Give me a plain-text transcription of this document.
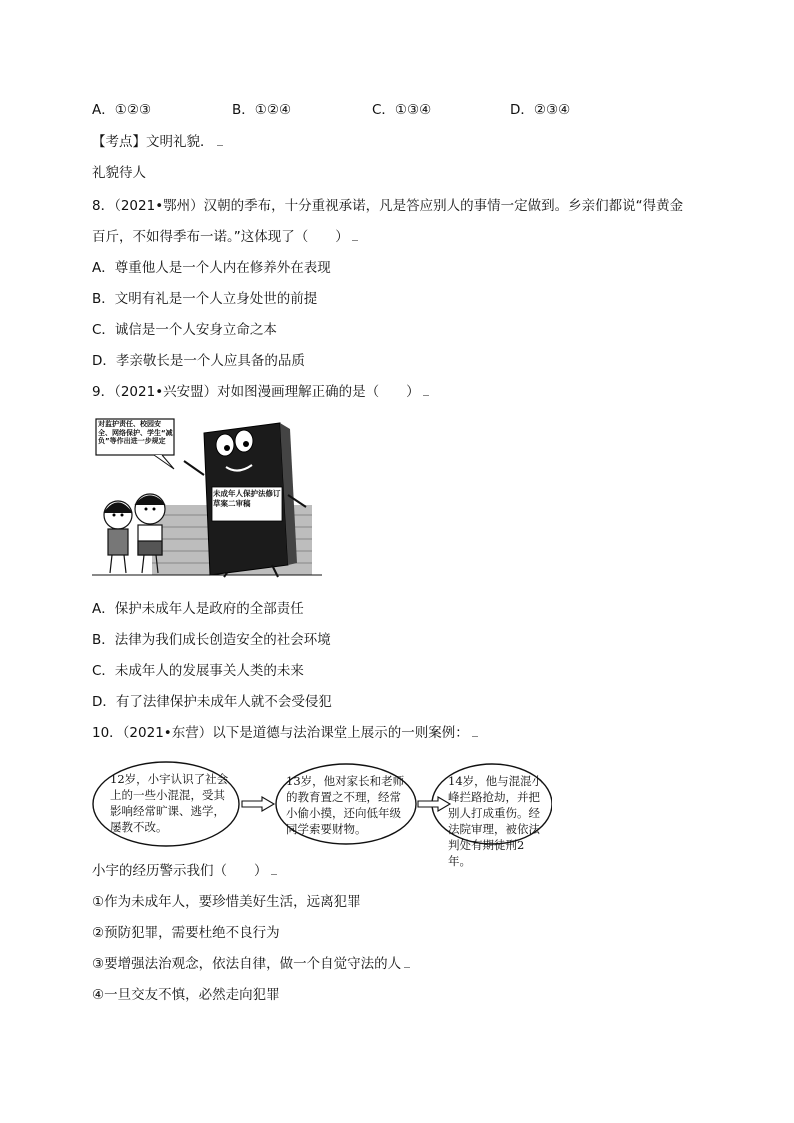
A．①②③	B．①②④	C．①③④	D．②③④
【考点】文明礼貌．
礼貌待人
8．（2021•鄂州）汉朝的季布，十分重视承诺，凡是答应别人的事情一定做到。乡亲们都说“得黄金
百斤，不如得季布一诺。”这体现了（　　）
A．尊重他人是一个人内在修养外在表现
B．文明有礼是一个人立身处世的前提
C．诚信是一个人安身立命之本
D．孝亲敬长是一个人应具备的品质
9．（2021•兴安盟）对如图漫画理解正确的是（　　）
对监护责任、校园安全、网络保护、学生“减负”等作出进一步规定
未成年人保护法修订草案二审稿
A．保护未成年人是政府的全部责任
B．法律为我们成长创造安全的社会环境
C．未成年人的发展事关人类的未来
D．有了法律保护未成年人就不会受侵犯
10．（2021•东营）以下是道德与法治课堂上展示的一则案例：
12岁，小宇认识了社会上的一些小混混，受其影响经常旷课、逃学，屡教不改。
13岁，他对家长和老师的教育置之不理，经常小偷小摸，还向低年级同学索要财物。
14岁，他与混混小峰拦路抢劫，并把别人打成重伤。经法院审理，被依法判处有期徒刑2年。
小宇的经历警示我们（　　）
①作为未成年人，要珍惜美好生活，远离犯罪
②预防犯罪，需要杜绝不良行为
③要增强法治观念，依法自律，做一个自觉守法的人
④一旦交友不慎，必然走向犯罪
